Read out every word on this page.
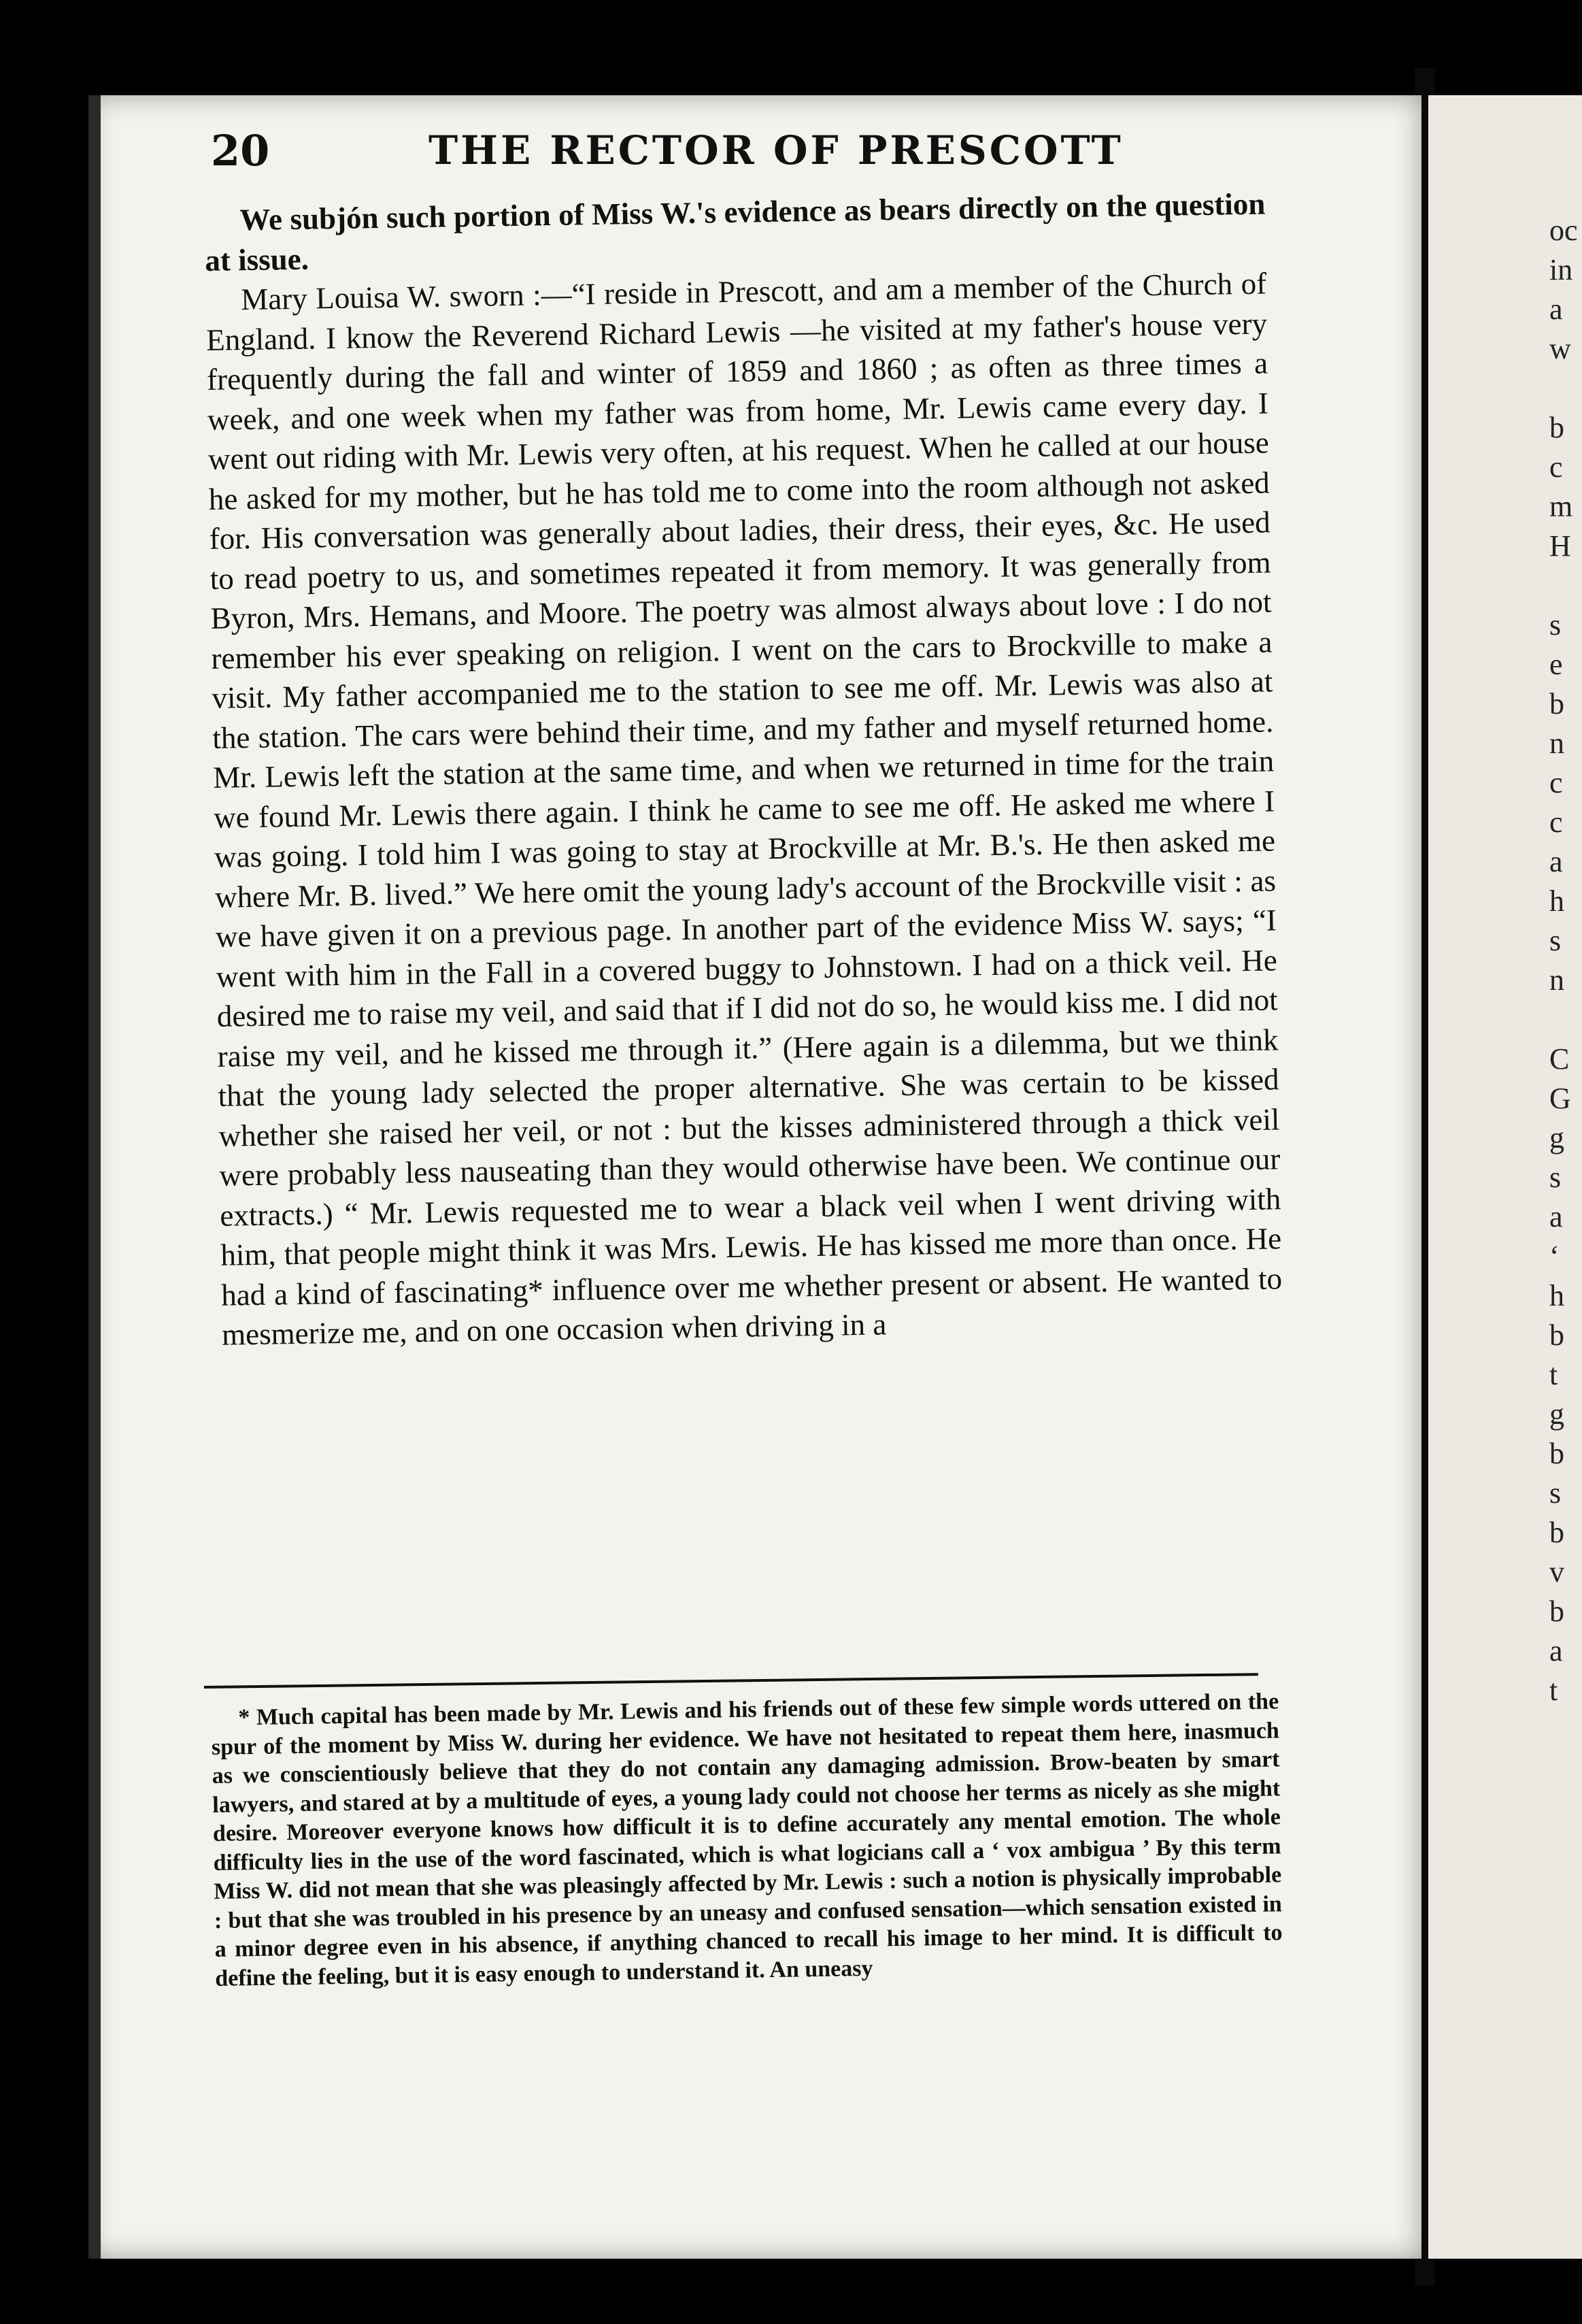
oc
in
a
w
b
c
m
H
s
e
b
n
c
c
a
h
s
n
C
G
g
s
a
‘
h
b
t
g
b
s
b
v
b
a
t
20	THE RECTOR OF PRESCOTT

We subjón such portion of Miss W.'s evidence as bears directly on the question at issue.

Mary Louisa W. sworn :—“I reside in Prescott, and am a member of the Church of England. I know the Reverend Richard Lewis —he visited at my father's house very frequently during the fall and winter of 1859 and 1860 ; as often as three times a week, and one week when my father was from home, Mr. Lewis came every day. I went out riding with Mr. Lewis very often, at his request. When he called at our house he asked for my mother, but he has told me to come into the room although not asked for. His conversation was generally about ladies, their dress, their eyes, &c. He used to read poetry to us, and sometimes repeated it from memory. It was generally from Byron, Mrs. Hemans, and Moore. The poetry was almost always about love : I do not remember his ever speaking on religion. I went on the cars to Brockville to make a visit. My father accompanied me to the station to see me off. Mr. Lewis was also at the station. The cars were behind their time, and my father and myself returned home. Mr. Lewis left the station at the same time, and when we returned in time for the train we found Mr. Lewis there again. I think he came to see me off. He asked me where I was going. I told him I was going to stay at Brockville at Mr. B.'s. He then asked me where Mr. B. lived.” We here omit the young lady's account of the Brockville visit : as we have given it on a previous page. In another part of the evidence Miss W. says; “I went with him in the Fall in a covered buggy to Johnstown. I had on a thick veil. He desired me to raise my veil, and said that if I did not do so, he would kiss me. I did not raise my veil, and he kissed me through it.” (Here again is a dilemma, but we think that the young lady selected the proper alternative. She was certain to be kissed whether she raised her veil, or not : but the kisses administered through a thick veil were probably less nauseating than they would otherwise have been. We continue our extracts.) “ Mr. Lewis requested me to wear a black veil when I went driving with him, that people might think it was Mrs. Lewis. He has kissed me more than once. He had a kind of fascinating* influence over me whether present or absent. He wanted to mesmerize me, and on one occasion when driving in a

* Much capital has been made by Mr. Lewis and his friends out of these few simple words uttered on the spur of the moment by Miss W. during her evidence. We have not hesitated to repeat them here, inasmuch as we conscientiously believe that they do not contain any damaging admission. Brow-beaten by smart lawyers, and stared at by a multitude of eyes, a young lady could not choose her terms as nicely as she might desire. Moreover everyone knows how difficult it is to define accurately any mental emotion. The whole difficulty lies in the use of the word fascinated, which is what logicians call a ‘ vox ambigua ’ By this term Miss W. did not mean that she was pleasingly affected by Mr. Lewis : such a notion is physically improbable : but that she was troubled in his presence by an uneasy and confused sensation—which sensation existed in a minor degree even in his absence, if anything chanced to recall his image to her mind. It is difficult to define the feeling, but it is easy enough to understand it. An uneasy
